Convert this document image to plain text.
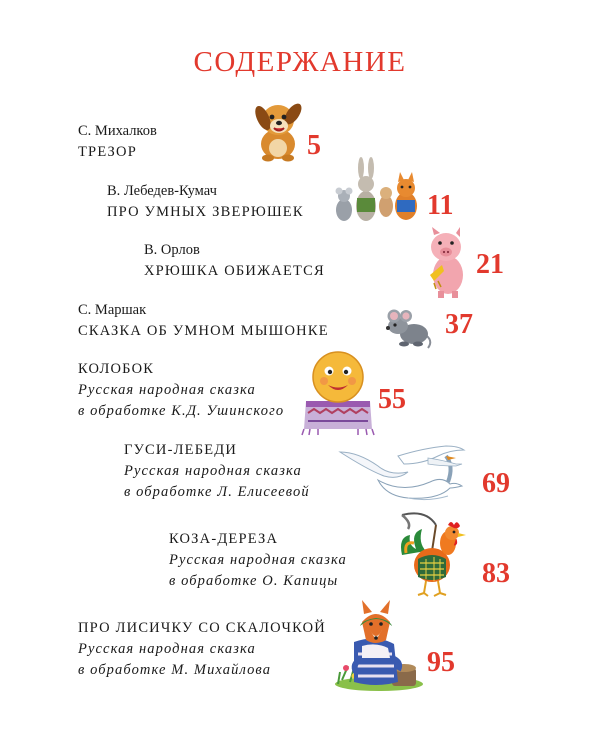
СОДЕРЖАНИЕ
С. Михалков
ТРЕЗОР	5
В. Лебедев-Кумач
ПРО УМНЫХ ЗВЕРЮШЕК	11
В. Орлов
ХРЮШКА ОБИЖАЕТСЯ	21
С. Маршак
СКАЗКА ОБ УМНОМ МЫШОНКЕ	37
КОЛОБОК
Русская народная сказка
в обработке К.Д. Ушинского	55
ГУСИ-ЛЕБЕДИ
Русская народная сказка
в обработке Л. Елисеевой	69
КОЗА-ДЕРЕЗА
Русская народная сказка
в обработке О. Капицы	83
ПРО ЛИСИЧКУ СО СКАЛОЧКОЙ
Русская народная сказка
в обработке М. Михайлова	95
